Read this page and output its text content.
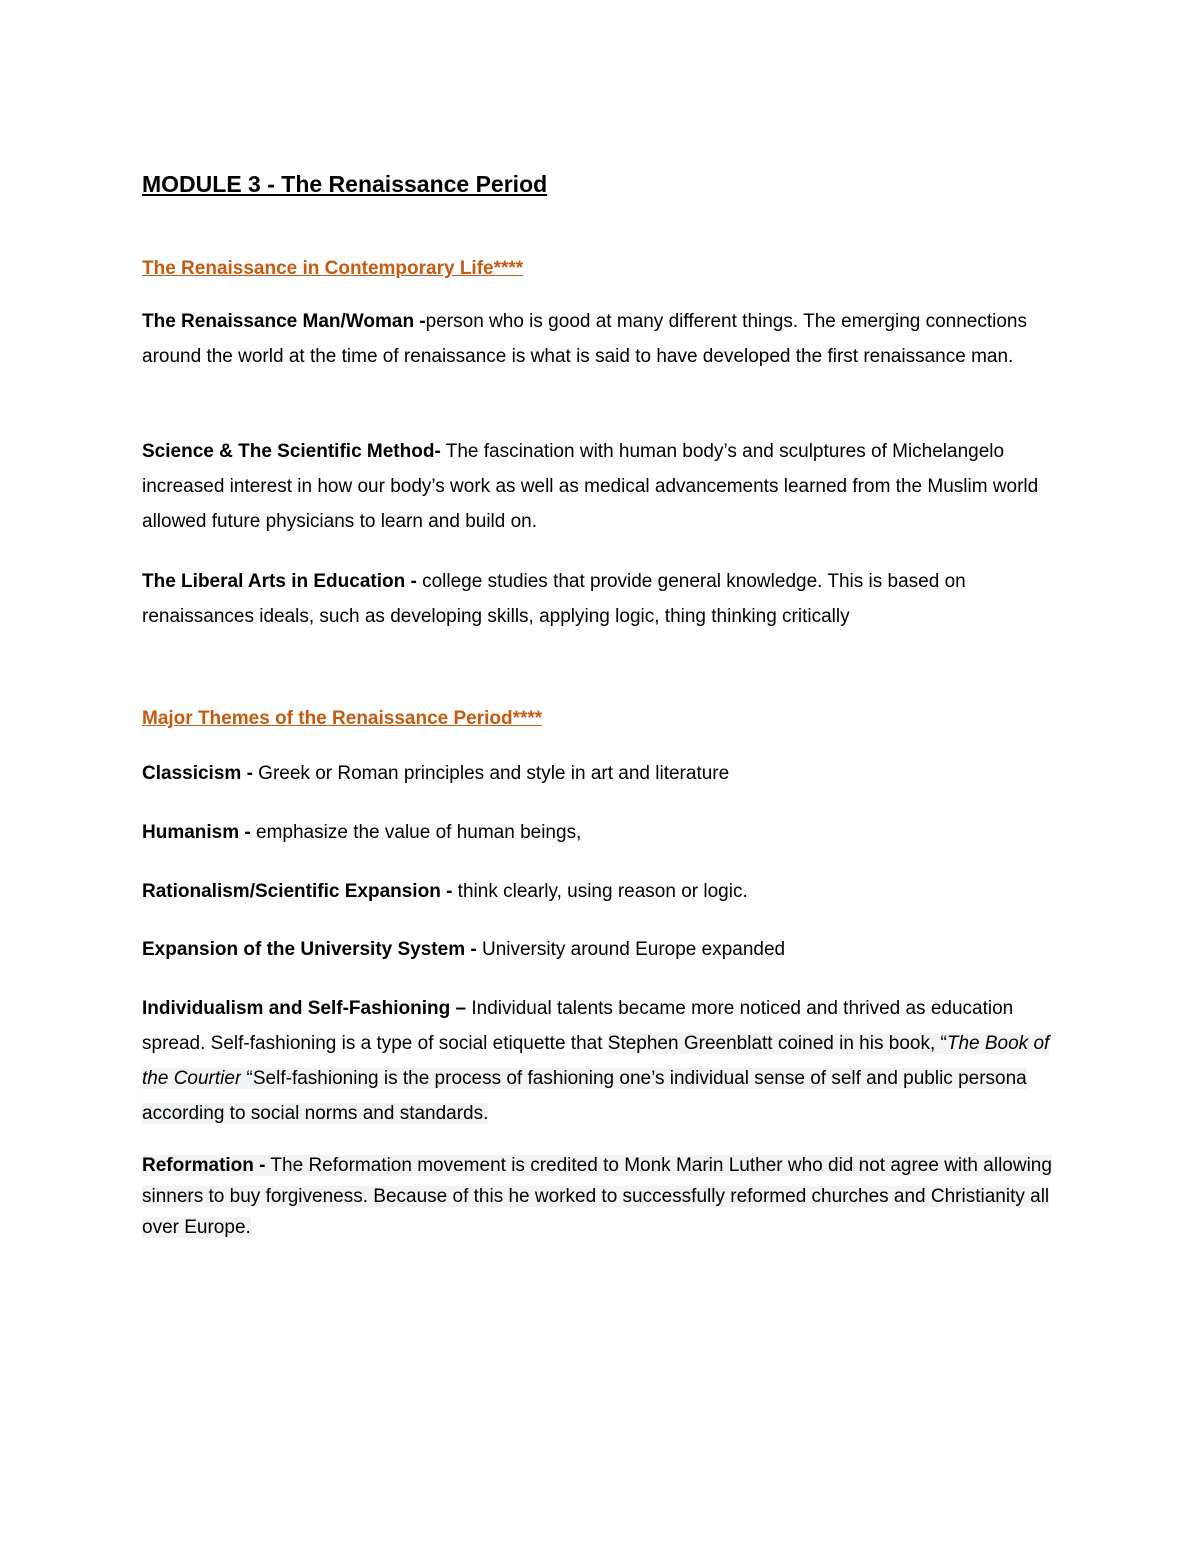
MODULE 3 - The Renaissance Period
The Renaissance in Contemporary Life****
The Renaissance Man/Woman -person who is good at many different things. The emerging connections around the world at the time of renaissance is what is said to have developed the first renaissance man.
Science & The Scientific Method- The fascination with human body’s and sculptures of Michelangelo increased interest in how our body’s work as well as medical advancements learned from the Muslim world allowed future physicians to learn and build on.
The Liberal Arts in Education - college studies that provide general knowledge. This is based on renaissances ideals, such as developing skills, applying logic, thing thinking critically
Major Themes of the Renaissance Period****
Classicism - Greek or Roman principles and style in art and literature
Humanism - emphasize the value of human beings,
Rationalism/Scientific Expansion - think clearly, using reason or logic.
Expansion of the University System - University around Europe expanded
Individualism and Self-Fashioning – Individual talents became more noticed and thrived as education spread. Self-fashioning is a type of social etiquette that Stephen Greenblatt coined in his book, “The Book of the Courtier “Self-fashioning is the process of fashioning one’s individual sense of self and public persona according to social norms and standards.
Reformation - The Reformation movement is credited to Monk Marin Luther who did not agree with allowing sinners to buy forgiveness. Because of this he worked to successfully reformed churches and Christianity all over Europe.
